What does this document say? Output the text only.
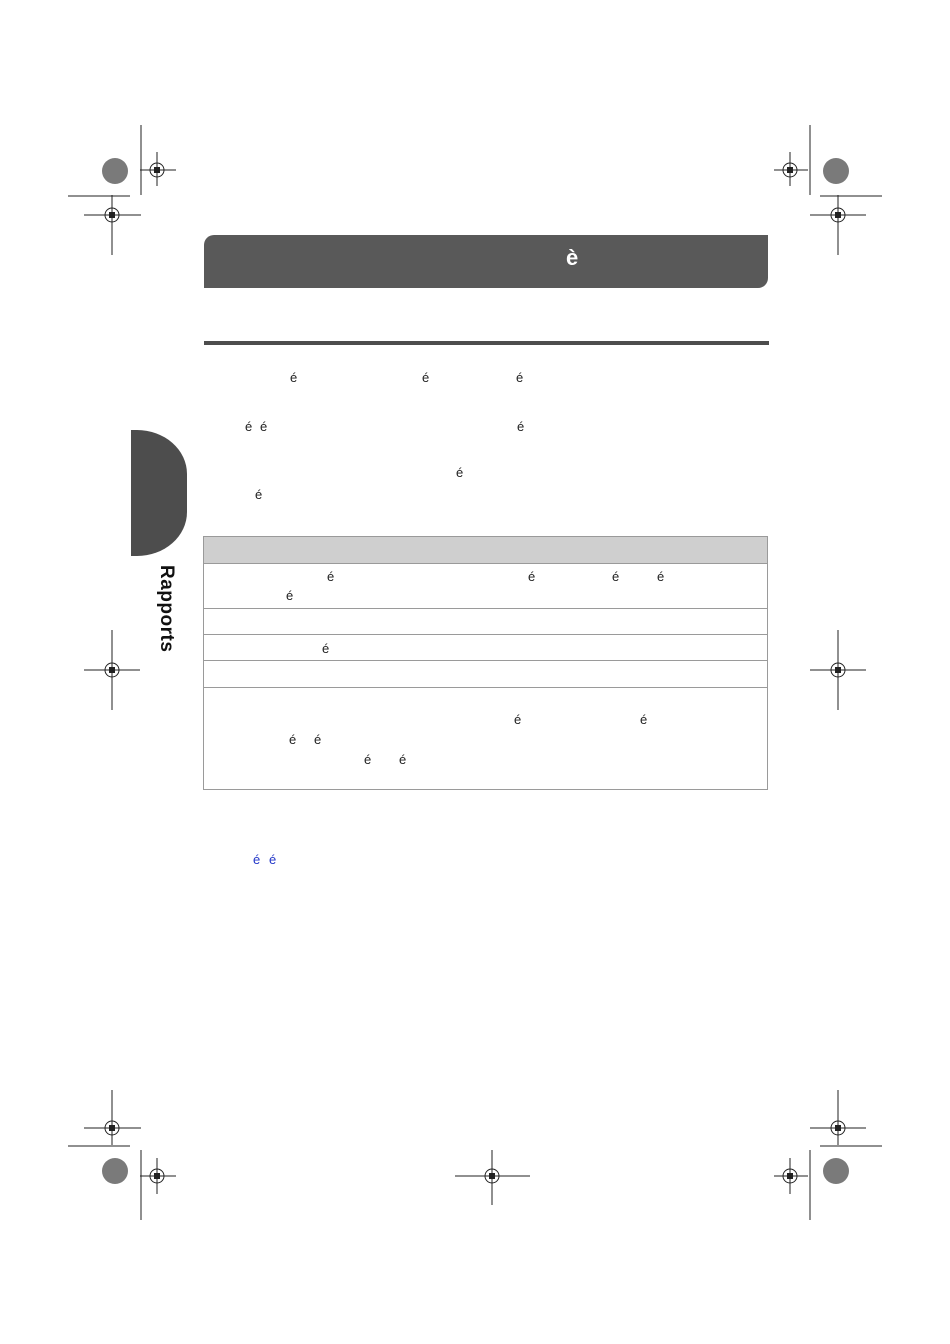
è
é	é	é
é é	é
é
é
Rapports	é	é	é	é
é
é
é	é
é é
é é
é é
